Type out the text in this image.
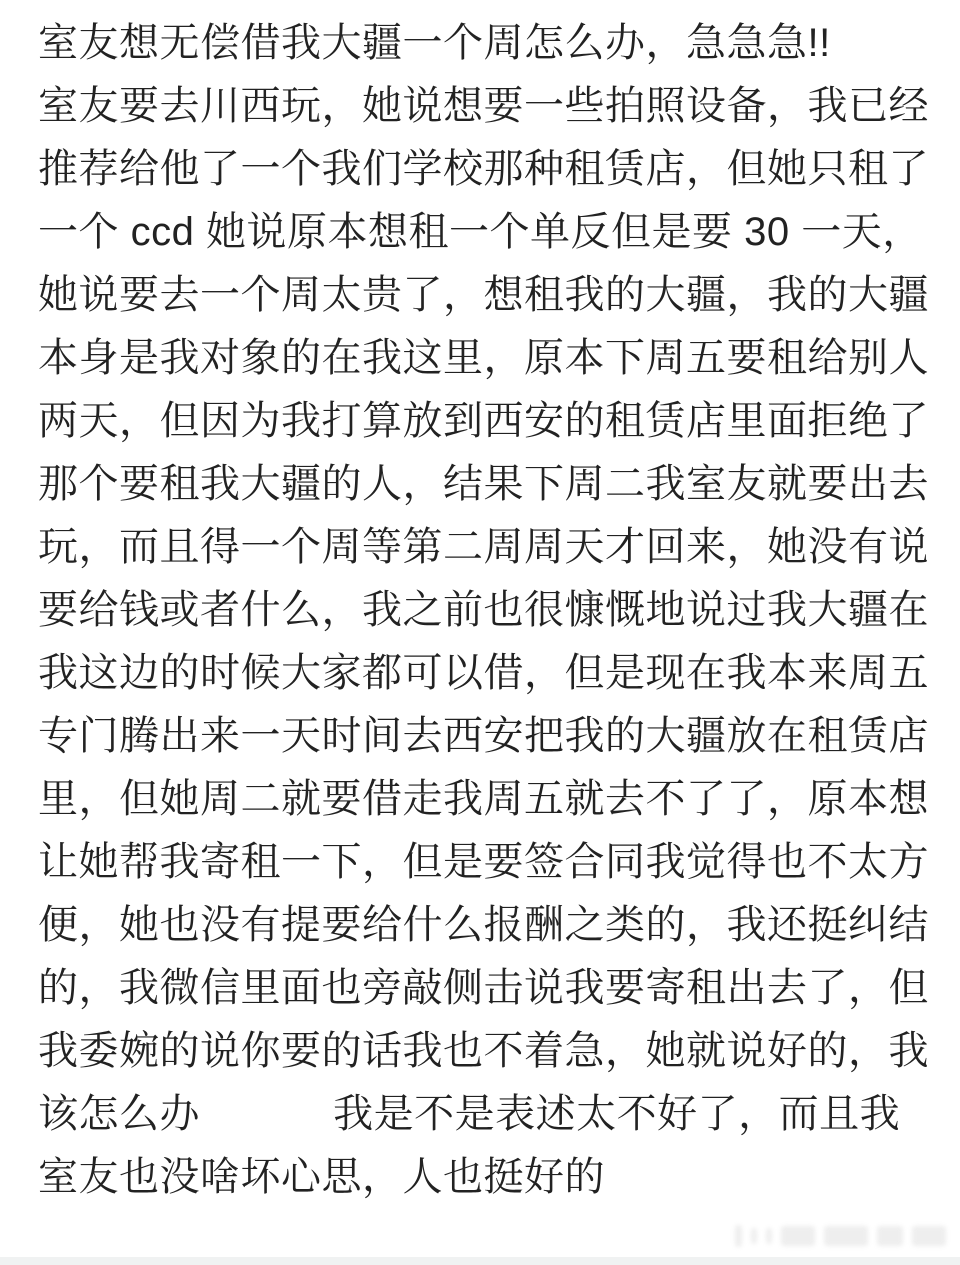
室友想无偿借我大疆一个周怎么办，急急急!!
室友要去川西玩，她说想要一些拍照设备，我已经
推荐给他了一个我们学校那种租赁店，但她只租了
一个 ccd 她说原本想租一个单反但是要 30 一天，
她说要去一个周太贵了，想租我的大疆，我的大疆
本身是我对象的在我这里，原本下周五要租给别人
两天，但因为我打算放到西安的租赁店里面拒绝了
那个要租我大疆的人，结果下周二我室友就要出去
玩，而且得一个周等第二周周天才回来，她没有说
要给钱或者什么，我之前也很慷慨地说过我大疆在
我这边的时候大家都可以借，但是现在我本来周五
专门腾出来一天时间去西安把我的大疆放在租赁店
里，但她周二就要借走我周五就去不了了，原本想
让她帮我寄租一下，但是要签合同我觉得也不太方
便，她也没有提要给什么报酬之类的，我还挺纠结
的，我微信里面也旁敲侧击说我要寄租出去了，但
我委婉的说你要的话我也不着急，她就说好的，我
该怎么办　　　 我是不是表述太不好了，而且我
室友也没啥坏心思，人也挺好的
